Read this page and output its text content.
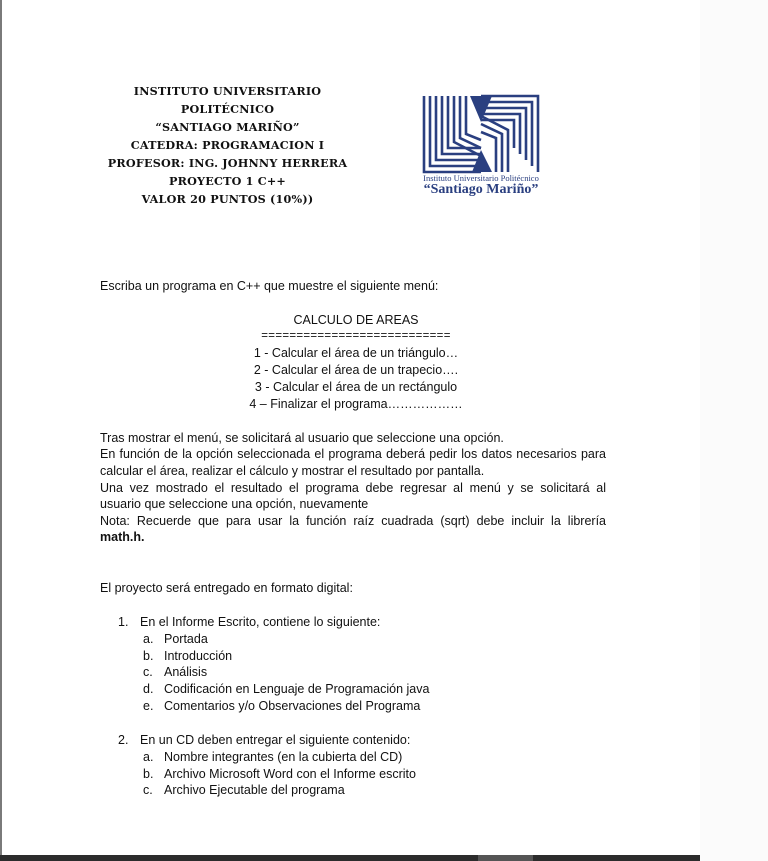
INSTITUTO UNIVERSITARIO
POLITÉCNICO
“SANTIAGO MARIÑO”
CATEDRA: PROGRAMACION I
PROFESOR: ING. JOHNNY HERRERA
PROYECTO 1 C++
VALOR 20 PUNTOS (10%))
Instituto Universitario Politécnico
“Santiago Mariño”
Escriba un programa en C++ que muestre el siguiente menú:
CALCULO DE AREAS
===========================
1 - Calcular el área de un triángulo…
2 - Calcular el área de un trapecio….
3 - Calcular el área de un rectángulo
4 – Finalizar el programa………………
Tras mostrar el menú, se solicitará al usuario que seleccione una opción.
En función de la opción seleccionada el programa deberá pedir los datos necesarios para
calcular el área, realizar el cálculo y mostrar el resultado por pantalla.
Una vez mostrado el resultado el programa debe regresar al menú y se solicitará al
usuario que seleccione una opción, nuevamente
Nota: Recuerde que para usar la función raíz cuadrada (sqrt) debe incluir la librería
math.h.
El proyecto será entregado en formato digital:
1. En el Informe Escrito, contiene lo siguiente:
a. Portada
b. Introducción
c. Análisis
d. Codificación en Lenguaje de Programación java
e. Comentarios y/o Observaciones del Programa
2. En un CD deben entregar el siguiente contenido:
a. Nombre integrantes (en la cubierta del CD)
b. Archivo Microsoft Word con el Informe escrito
c. Archivo Ejecutable del programa
